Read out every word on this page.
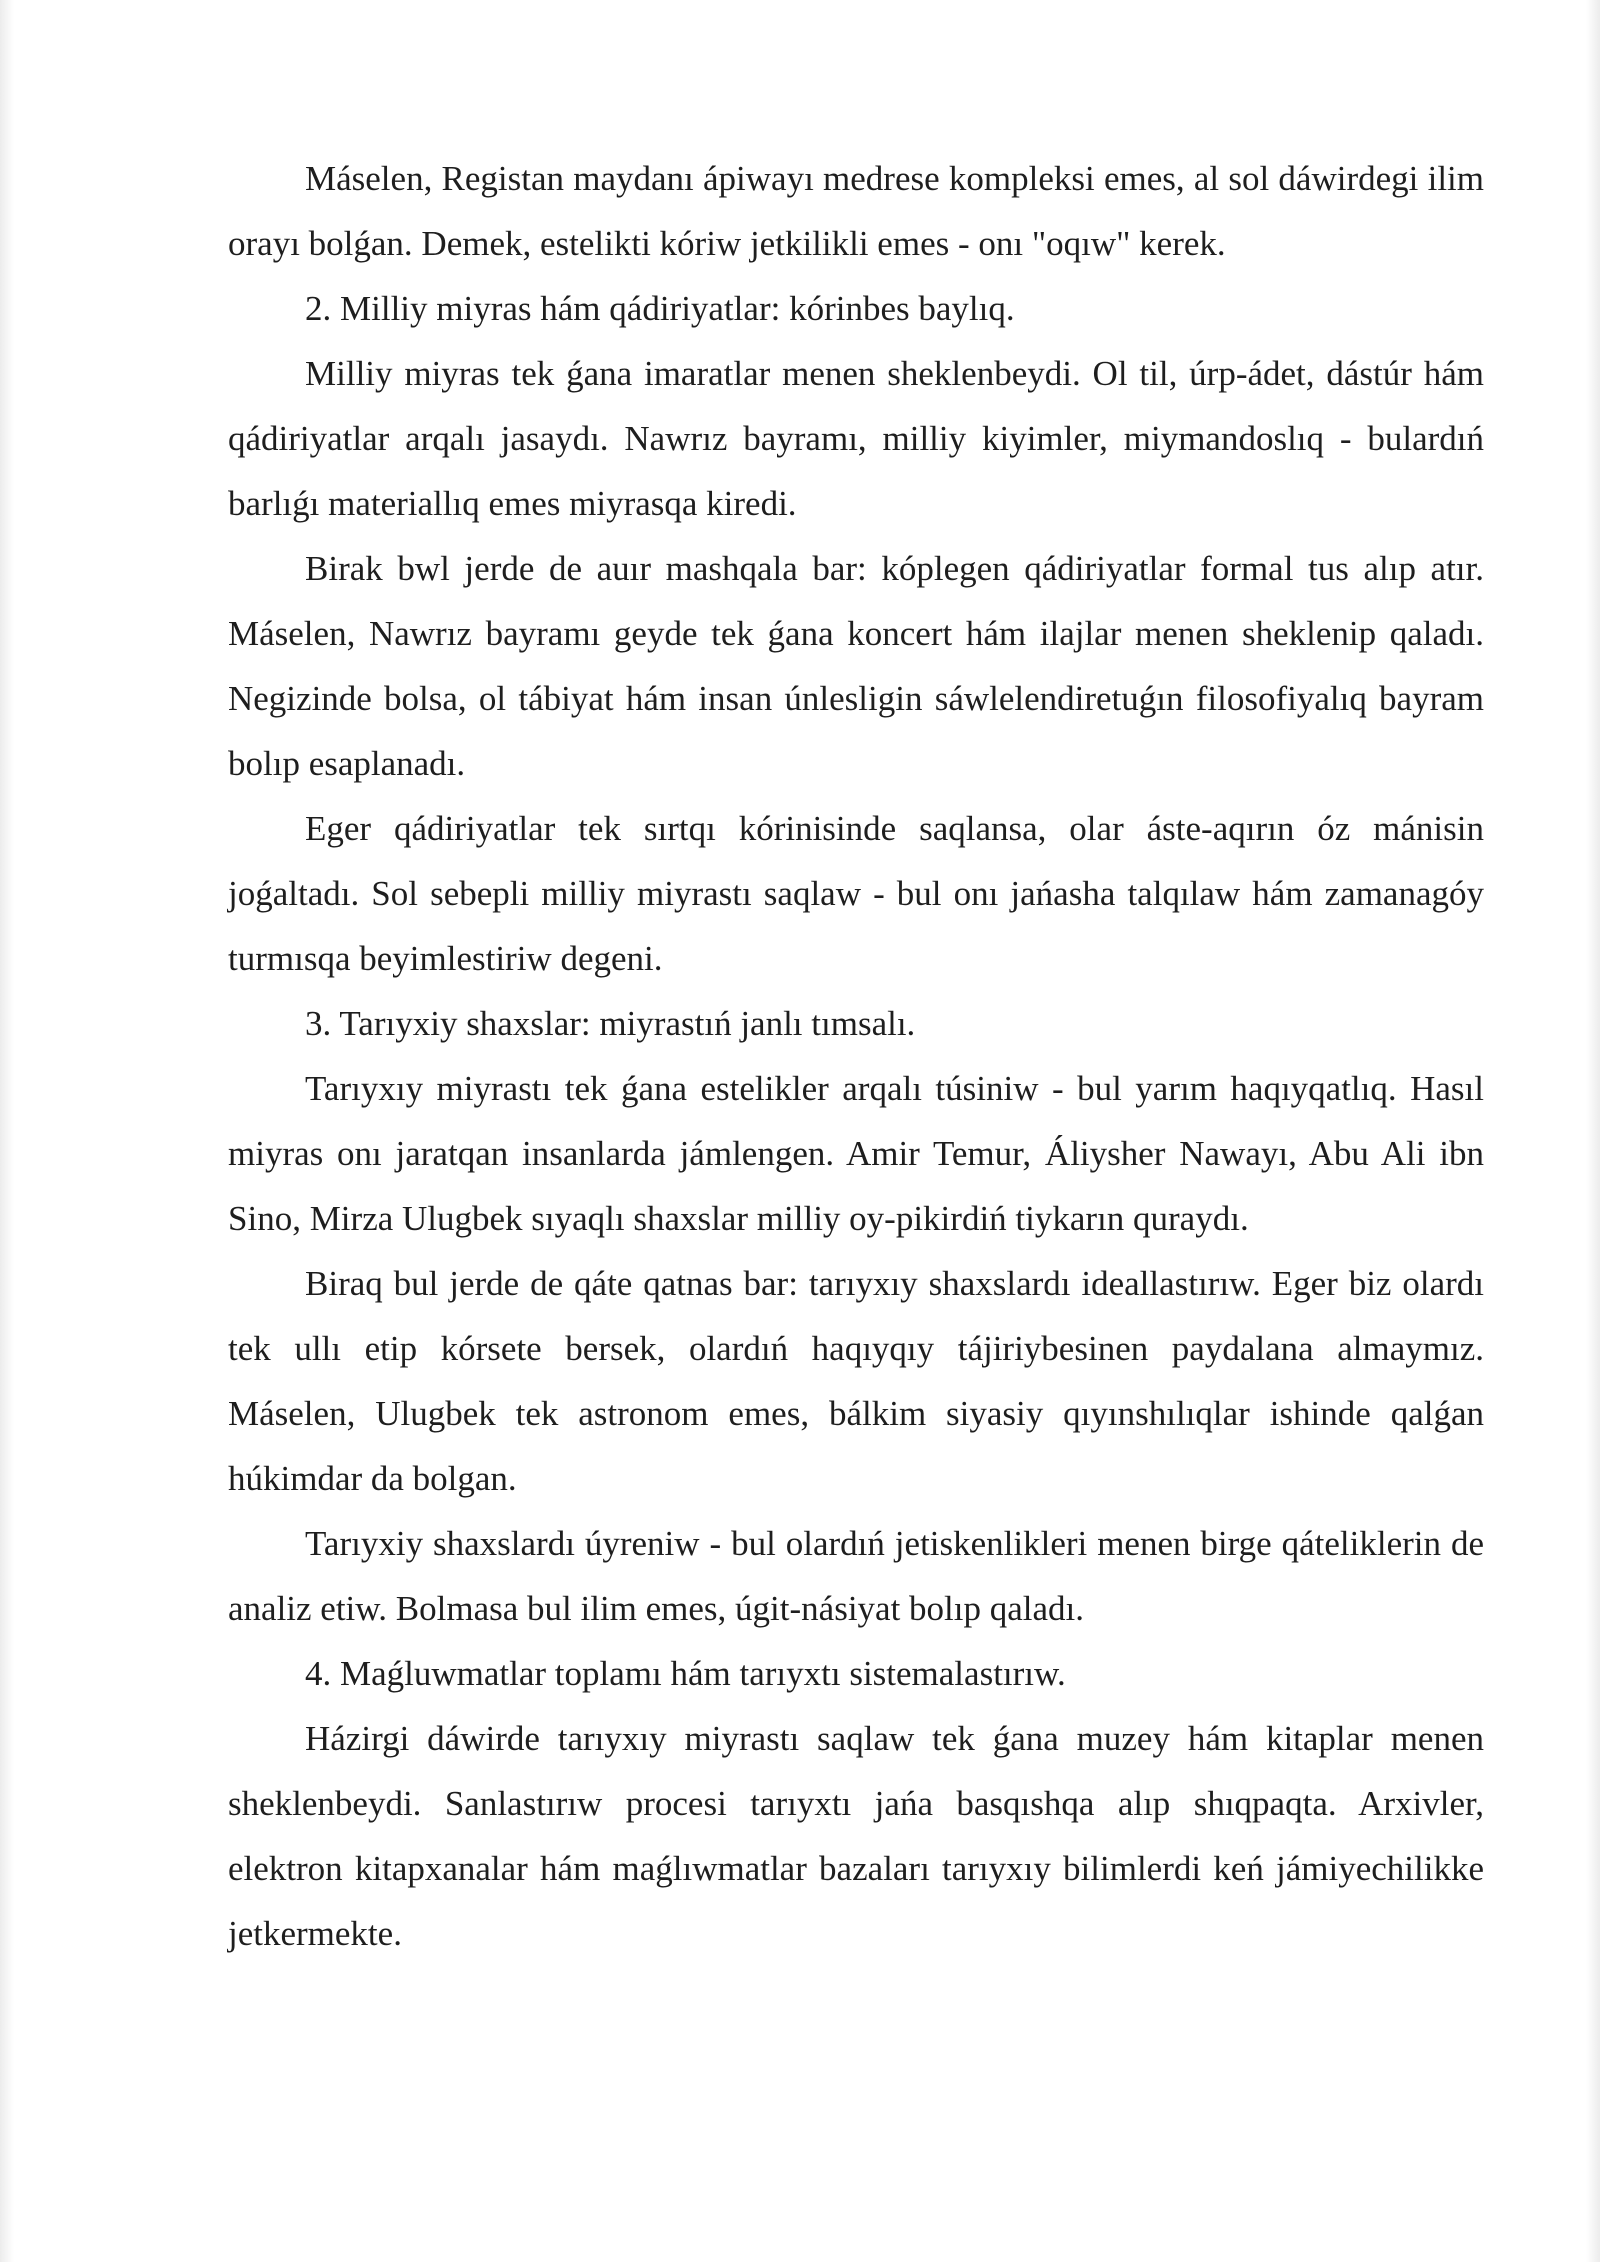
Máselen, Registan maydanı ápiwayı medrese kompleksi emes, al sol dáwirdegi ilim orayı bolǵan. Demek, estelikti kóriw jetkilikli emes - onı "oqıw" kerek.

2. Milliy miyras hám qádiriyatlar: kórinbes baylıq.

Milliy miyras tek ǵana imaratlar menen sheklenbeydi. Ol til, úrp-ádet, dástúr hám qádiriyatlar arqalı jasaydı. Nawrız bayramı, milliy kiyimler, miymandoslıq - bulardıń barlıǵı materiallıq emes miyrasqa kiredi.

Birak bwl jerde de auır mashqala bar: kóplegen qádiriyatlar formal tus alıp atır. Máselen, Nawrız bayramı geyde tek ǵana koncert hám ilajlar menen sheklenip qaladı. Negizinde bolsa, ol tábiyat hám insan únlesligin sáwlelendiretuǵın filosofiyalıq bayram bolıp esaplanadı.

Eger qádiriyatlar tek sırtqı kórinisinde saqlansa, olar áste-aqırın óz mánisin joǵaltadı. Sol sebepli milliy miyrastı saqlaw - bul onı jańasha talqılaw hám zamanagóy turmısqa beyimlestiriw degeni.

3. Tarıyxiy shaxslar: miyrastıń janlı tımsalı.

Tarıyxıy miyrastı tek ǵana estelikler arqalı túsiniw - bul yarım haqıyqatlıq. Hasıl miyras onı jaratqan insanlarda jámlengen. Amir Temur, Áliysher Nawayı, Abu Ali ibn Sino, Mirza Ulugbek sıyaqlı shaxslar milliy oy-pikirdiń tiykarın quraydı.

Biraq bul jerde de qáte qatnas bar: tarıyxıy shaxslardı ideallastırıw. Eger biz olardı tek ullı etip kórsete bersek, olardıń haqıyqıy tájiriybesinen paydalana almaymız. Máselen, Ulugbek tek astronom emes, bálkim siyasiy qıyınshılıqlar ishinde qalǵan húkimdar da bolgan.

Tarıyxiy shaxslardı úyreniw - bul olardıń jetiskenlikleri menen birge qáteliklerin de analiz etiw. Bolmasa bul ilim emes, úgit-násiyat bolıp qaladı.

4. Maǵluwmatlar toplamı hám tarıyxtı sistemalastırıw.

Házirgi dáwirde tarıyxıy miyrastı saqlaw tek ǵana muzey hám kitaplar menen sheklenbeydi. Sanlastırıw procesi tarıyxtı jańa basqıshqa alıp shıqpaqta. Arxivler, elektron kitapxanalar hám maǵlıwmatlar bazaları tarıyxıy bilimlerdi keń jámiyechilikke jetkermekte.
